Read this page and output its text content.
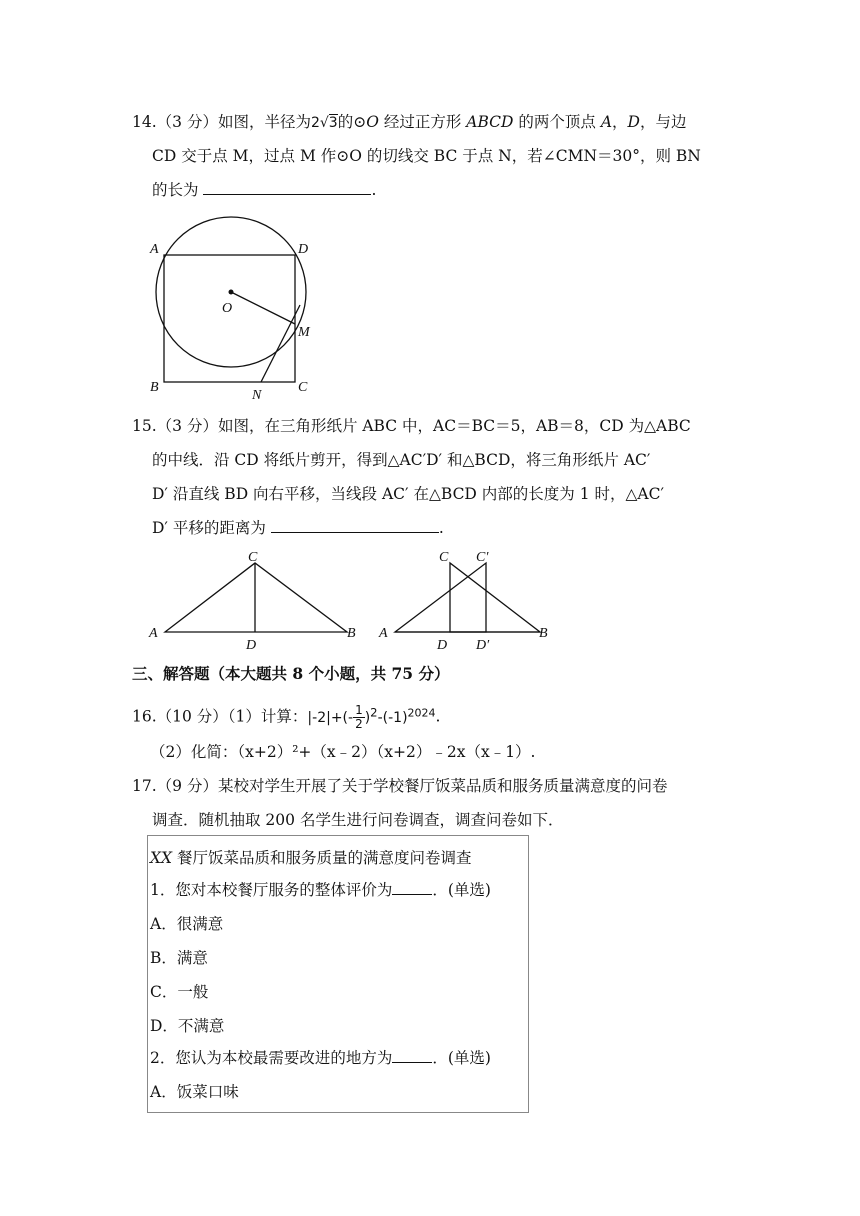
14.（3 分）如图，半径为2√3的⊙O 经过正方形 ABCD 的两个顶点 A，D，与边
CD 交于点 M，过点 M 作⊙O 的切线交 BC 于点 N，若∠CMN＝30°，则 BN
的长为	.
A	D
O
M
B	C
N
15.（3 分）如图，在三角形纸片 ABC 中，AC＝BC＝5，AB＝8，CD 为△ABC
的中线．沿 CD 将纸片剪开，得到△AC′D′ 和△BCD，将三角形纸片 AC′
D′ 沿直线 BD 向右平移，当线段 AC′ 在△BCD 内部的长度为 1 时，△AC′
D′ 平移的距离为	.
A
C
D
B A
C C′
D D′
B
三、解答题（本大题共 8 个小题，共 75 分）
16.（10 分）（1）计算：$|-2|+(- \frac{1}{2} )^2-(-1)^{2024}$.
（2）化简：（x+2）²+（x﹣2）（x+2）﹣2x（x﹣1）.
17.（9 分）某校对学生开展了关于学校餐厅饭菜品质和服务质量满意度的问卷
调查．随机抽取 200 名学生进行问卷调查，调查问卷如下．
XX 餐厅饭菜品质和服务质量的满意度问卷调查
1．您对本校餐厅服务的整体评价为	．(单选)
A．很满意
B．满意
C．一般
D．不满意
2．您认为本校最需要改进的地方为	．(单选)
A．饭菜口味
